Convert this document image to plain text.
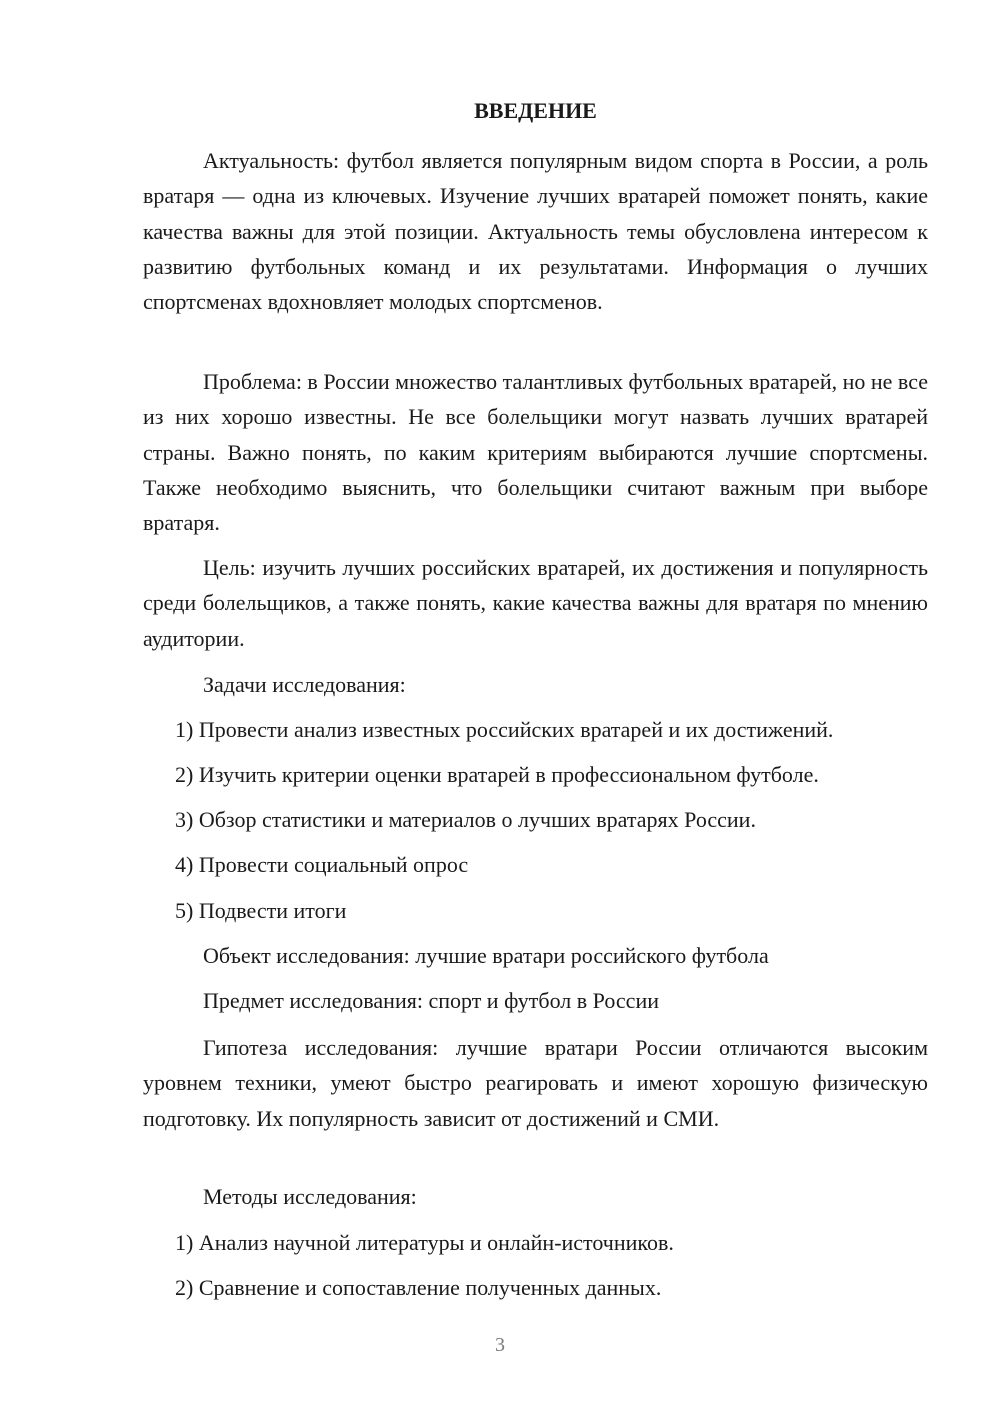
ВВЕДЕНИЕ

Актуальность: футбол является популярным видом спорта в России, а роль вратаря — одна из ключевых. Изучение лучших вратарей поможет понять, какие качества важны для этой позиции. Актуальность темы обусловлена интересом к развитию футбольных команд и их результатами. Информация о лучших спортсменах вдохновляет молодых спортсменов.

Проблема: в России множество талантливых футбольных вратарей, но не все из них хорошо известны. Не все болельщики могут назвать лучших вратарей страны. Важно понять, по каким критериям выбираются лучшие спортсмены. Также необходимо выяснить, что болельщики считают важным при выборе вратаря.

Цель: изучить лучших российских вратарей, их достижения и популярность среди болельщиков, а также понять, какие качества важны для вратаря по мнению аудитории.

Задачи исследования:

1) Провести анализ известных российских вратарей и их достижений.

2) Изучить критерии оценки вратарей в профессиональном футболе.

3) Обзор статистики и материалов о лучших вратарях России.

4) Провести социальный опрос

5) Подвести итоги

Объект исследования: лучшие вратари российского футбола

Предмет исследования: спорт и футбол в России

Гипотеза исследования: лучшие вратари России отличаются высоким уровнем техники, умеют быстро реагировать и имеют хорошую физическую подготовку. Их популярность зависит от достижений и СМИ.

Методы исследования:

1) Анализ научной литературы и онлайн-источников.

2) Сравнение и сопоставление полученных данных.

3
